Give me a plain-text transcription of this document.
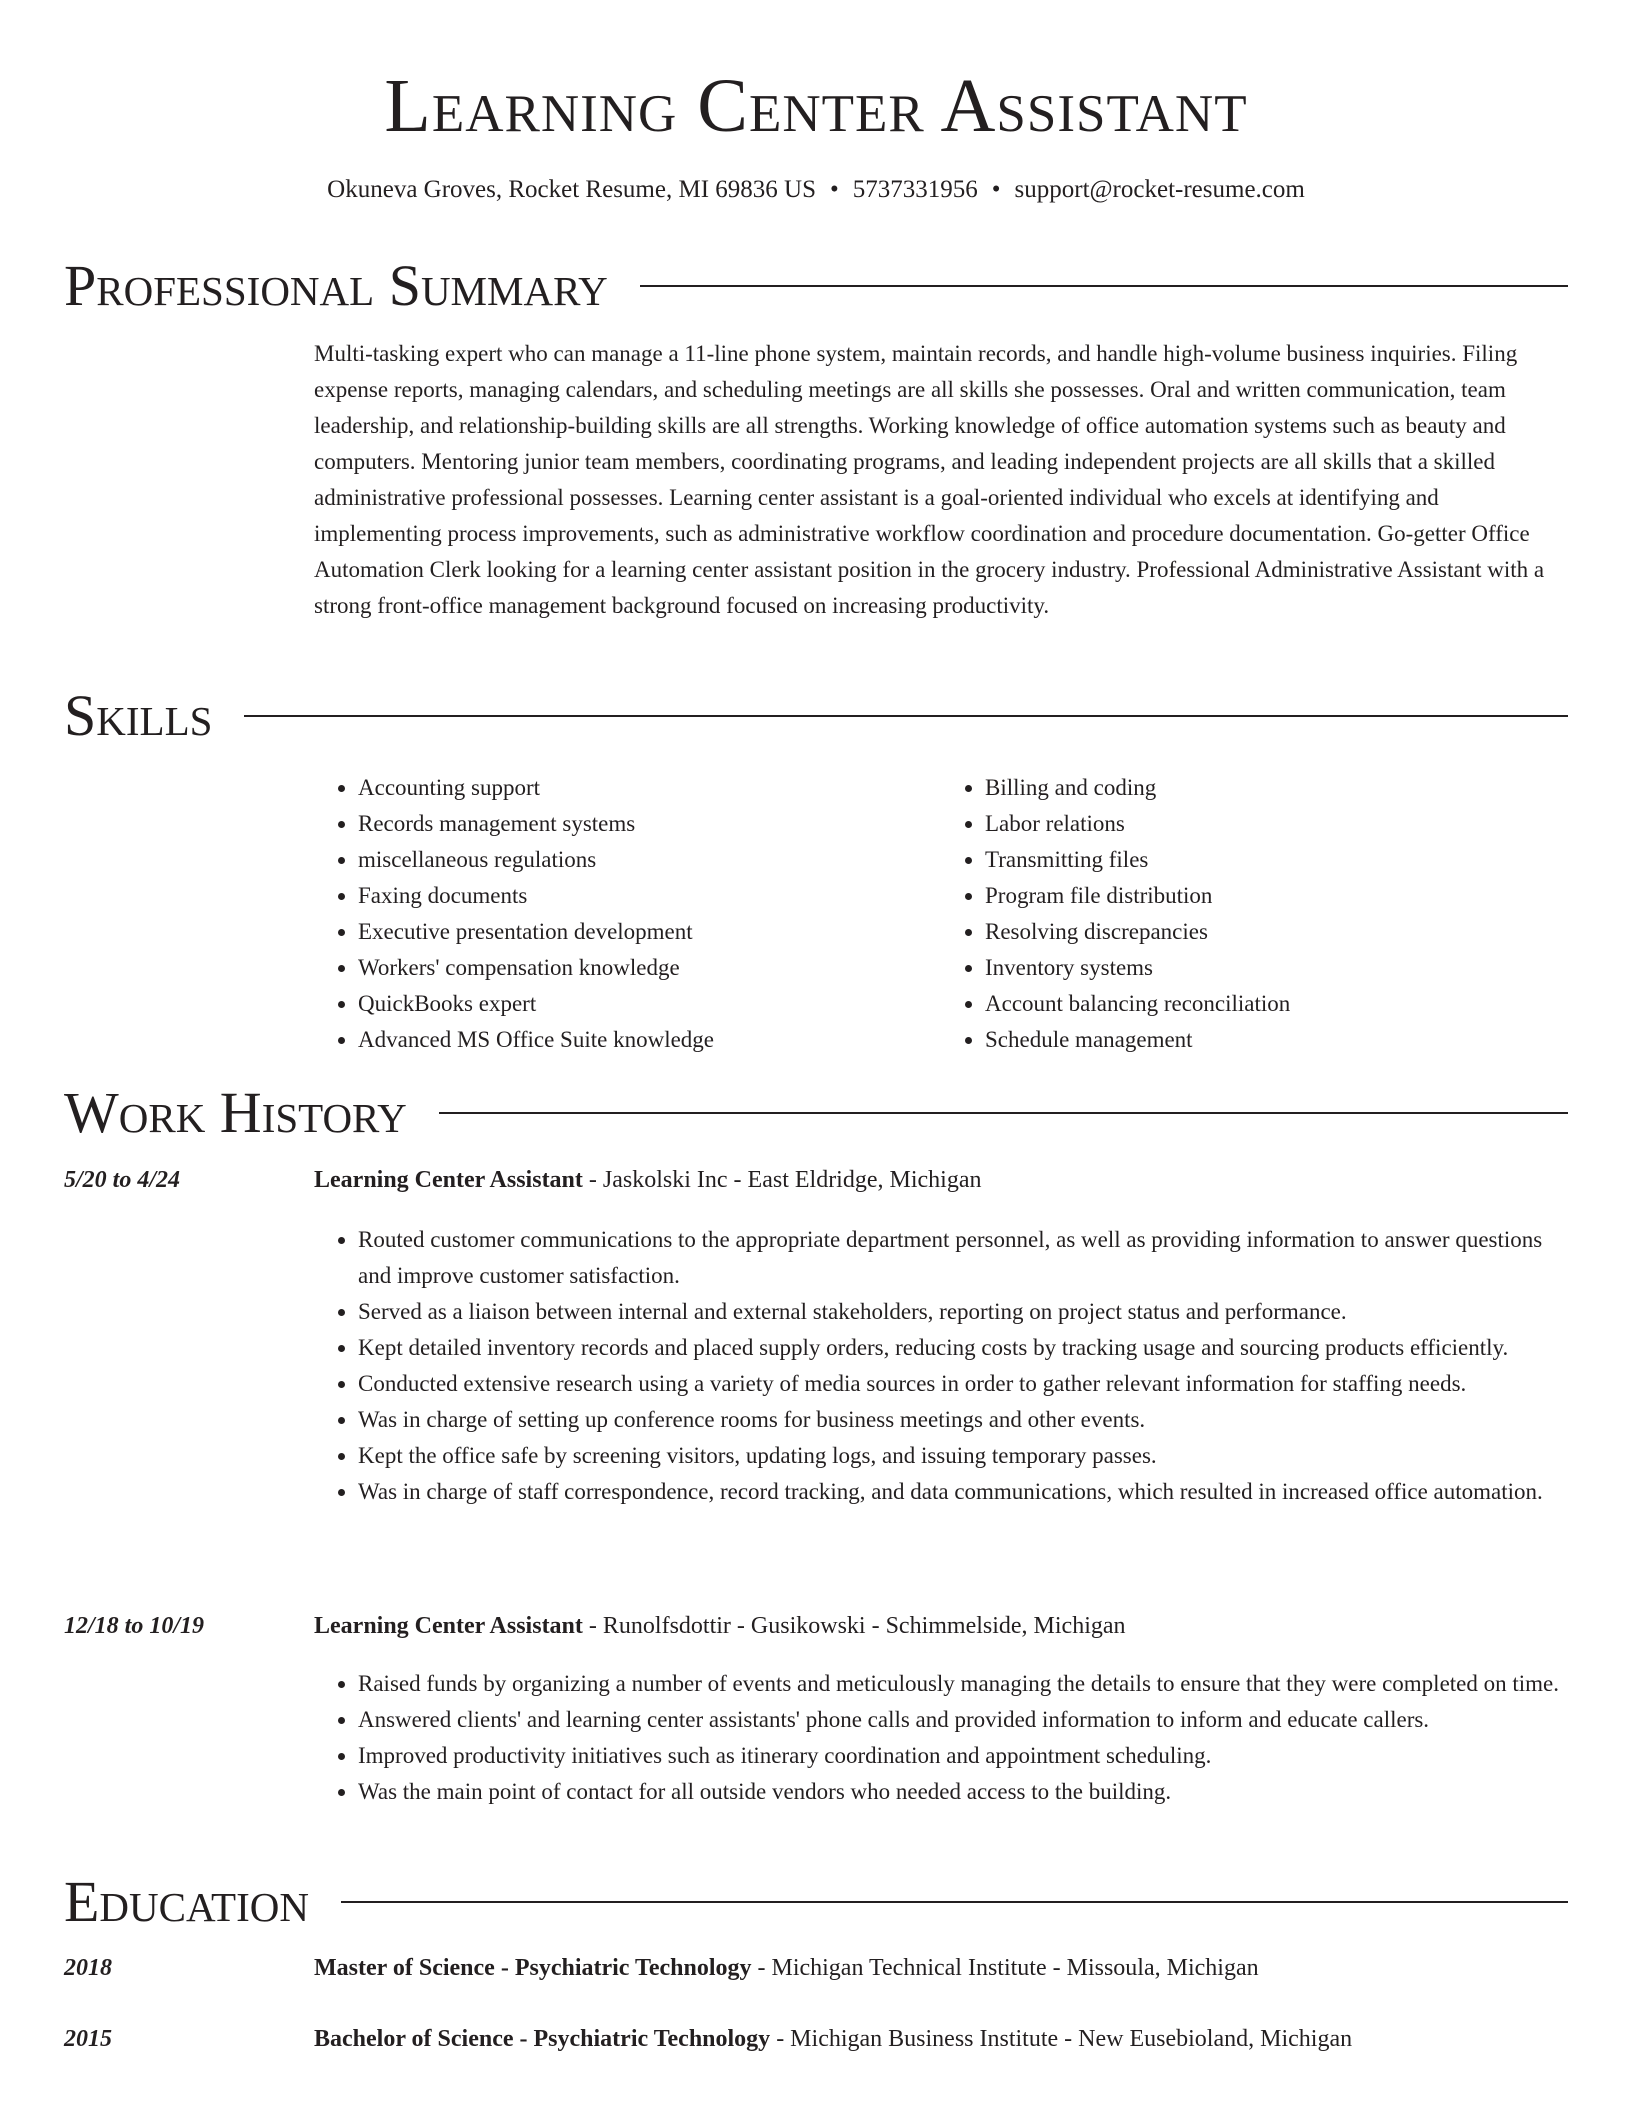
Learning Center Assistant
Okuneva Groves, Rocket Resume, MI 69836 US • 5737331956 • support@rocket-resume.com
Professional Summary

Multi-tasking expert who can manage a 11-line phone system, maintain records, and handle high-volume business inquiries. Filing expense reports, managing calendars, and scheduling meetings are all skills she possesses. Oral and written communication, team leadership, and relationship-building skills are all strengths. Working knowledge of office automation systems such as beauty and computers. Mentoring junior team members, coordinating programs, and leading independent projects are all skills that a skilled administrative professional possesses. Learning center assistant is a goal-oriented individual who excels at identifying and implementing process improvements, such as administrative workflow coordination and procedure documentation. Go-getter Office Automation Clerk looking for a learning center assistant position in the grocery industry. Professional Administrative Assistant with a strong front-office management background focused on increasing productivity.

Skills
• Accounting support
• Records management systems
• miscellaneous regulations
• Faxing documents
• Executive presentation development
• Workers' compensation knowledge
• QuickBooks expert
• Advanced MS Office Suite knowledge
• Billing and coding
• Labor relations
• Transmitting files
• Program file distribution
• Resolving discrepancies
• Inventory systems
• Account balancing reconciliation
• Schedule management
Work History
5/20 to 4/24	Learning Center Assistant - Jaskolski Inc - East Eldridge, Michigan
• Routed customer communications to the appropriate department personnel, as well as providing information to answer questions and improve customer satisfaction.
• Served as a liaison between internal and external stakeholders, reporting on project status and performance.
• Kept detailed inventory records and placed supply orders, reducing costs by tracking usage and sourcing products efficiently.
• Conducted extensive research using a variety of media sources in order to gather relevant information for staffing needs.
• Was in charge of setting up conference rooms for business meetings and other events.
• Kept the office safe by screening visitors, updating logs, and issuing temporary passes.
• Was in charge of staff correspondence, record tracking, and data communications, which resulted in increased office automation.
12/18 to 10/19	Learning Center Assistant - Runolfsdottir - Gusikowski - Schimmelside, Michigan
• Raised funds by organizing a number of events and meticulously managing the details to ensure that they were completed on time.
• Answered clients' and learning center assistants' phone calls and provided information to inform and educate callers.
• Improved productivity initiatives such as itinerary coordination and appointment scheduling.
• Was the main point of contact for all outside vendors who needed access to the building.
Education
2018	Master of Science - Psychiatric Technology - Michigan Technical Institute - Missoula, Michigan
2015	Bachelor of Science - Psychiatric Technology - Michigan Business Institute - New Eusebioland, Michigan
